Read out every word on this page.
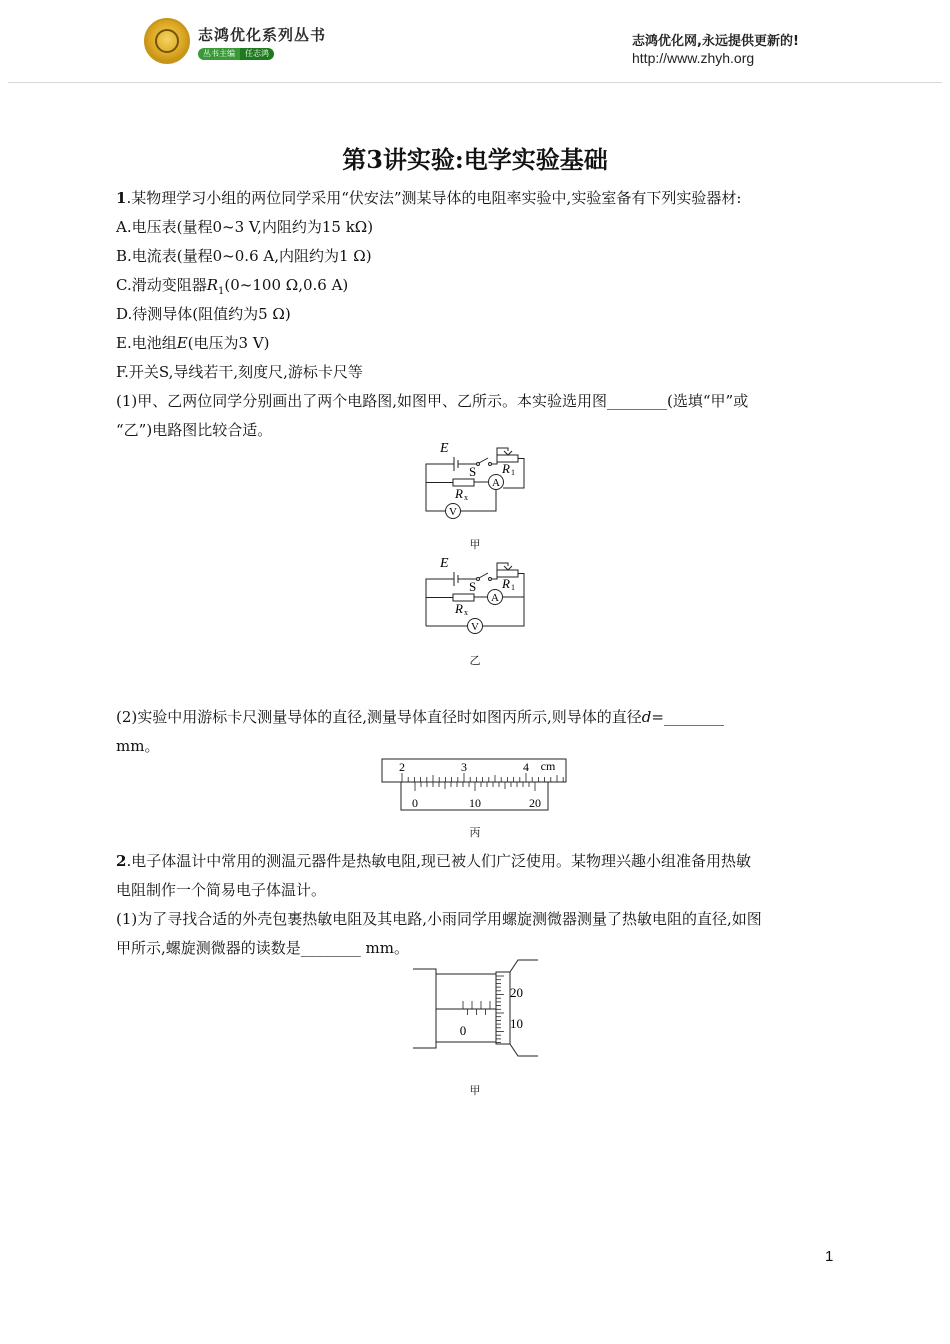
志鸿优化系列丛书
丛书主编	任志鸿
志鸿优化网,永远提供更新的!
http://www.zhyh.org
第3讲实验:电学实验基础
1.某物理学习小组的两位同学采用“伏安法”测某导体的电阻率实验中,实验室备有下列实验器材:
A.电压表(量程0~3 V,内阻约为15 kΩ)
B.电流表(量程0~0.6 A,内阻约为1 Ω)
C.滑动变阻器$R_1(0\sim 100$ Ω,0.6 A)
D.待测导体(阻值约为5 Ω)
E.电池组E(电压为3 V)
F.开关S,导线若干,刻度尺,游标卡尺等
(1)甲、乙两位同学分别画出了两个电路图,如图甲、乙所示。本实验选用图________(选填“甲”或
“乙”)电路图比较合适。
E
S R 1
R x
A
V
甲
E
S R 1
R x
A
V
乙
(2)实验中用游标卡尺测量导体的直径,测量导体直径时如图丙所示,则导体的直径d=________
mm。
2	3	4 cm
0	10	20
丙
2.电子体温计中常用的测温元器件是热敏电阻,现已被人们广泛使用。某物理兴趣小组准备用热敏
电阻制作一个简易电子体温计。
(1)为了寻找合适的外壳包裹热敏电阻及其电路,小雨同学用螺旋测微器测量了热敏电阻的直径,如图
甲所示,螺旋测微器的读数是________ mm。
0
20
10
甲
1
